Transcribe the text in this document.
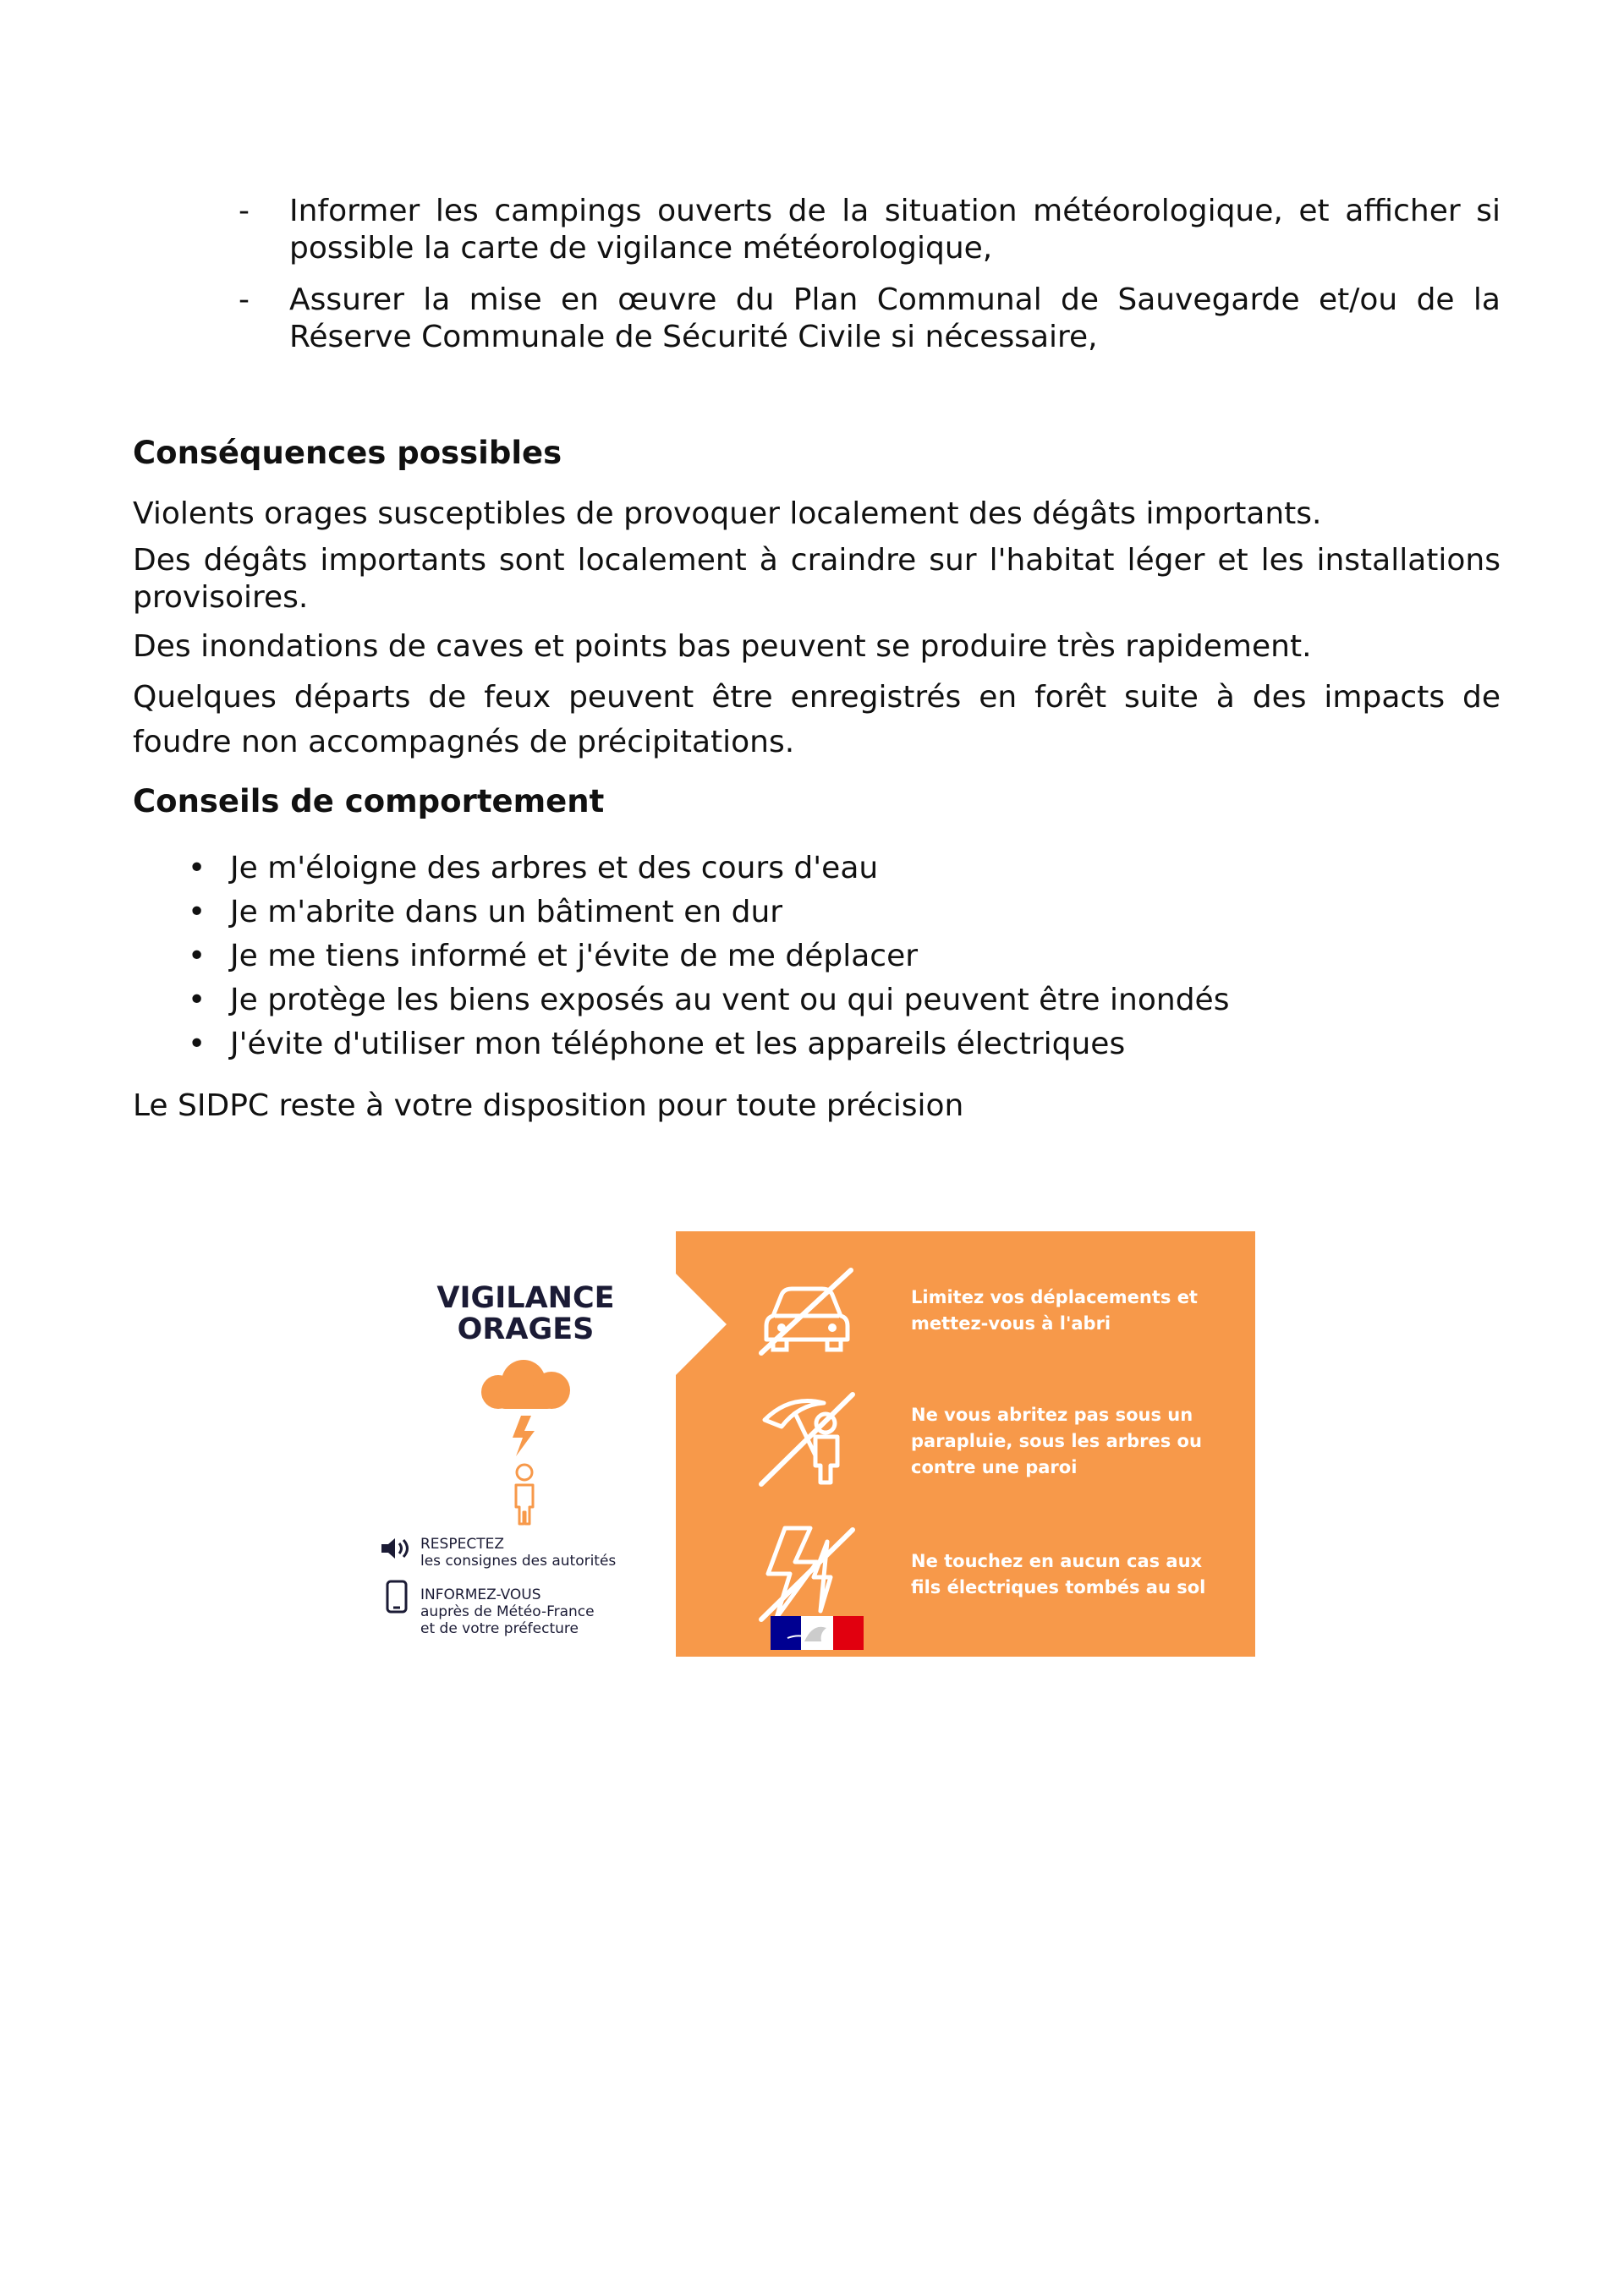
- Informer les campings ouverts de la situation météorologique, et afficher si possible la carte de vigilance météorologique,
- Assurer la mise en œuvre du Plan Communal de Sauvegarde et/ou de la Réserve Communale de Sécurité Civile si nécessaire,
Conséquences possibles
Violents orages susceptibles de provoquer localement des dégâts importants.
Des dégâts importants sont localement à craindre sur l'habitat léger et les installations provisoires.
Des inondations de caves et points bas peuvent se produire très rapidement.
Quelques départs de feux peuvent être enregistrés en forêt suite à des impacts de foudre non accompagnés de précipitations.
Conseils de comportement
• Je m'éloigne des arbres et des cours d'eau
• Je m'abrite dans un bâtiment en dur
• Je me tiens informé et j'évite de me déplacer
• Je protège les biens exposés au vent ou qui peuvent être inondés
• J'évite d'utiliser mon téléphone et les appareils électriques
Le SIDPC reste à votre disposition pour toute précision
VIGILANCE
ORAGES
RESPECTEZ
les consignes des autorités
INFORMEZ-VOUS
auprès de Météo-France
et de votre préfecture
Limitez vos déplacements et mettez-vous à l'abri
Ne vous abritez pas sous un parapluie, sous les arbres ou contre une paroi
Ne touchez en aucun cas aux fils électriques tombés au sol
